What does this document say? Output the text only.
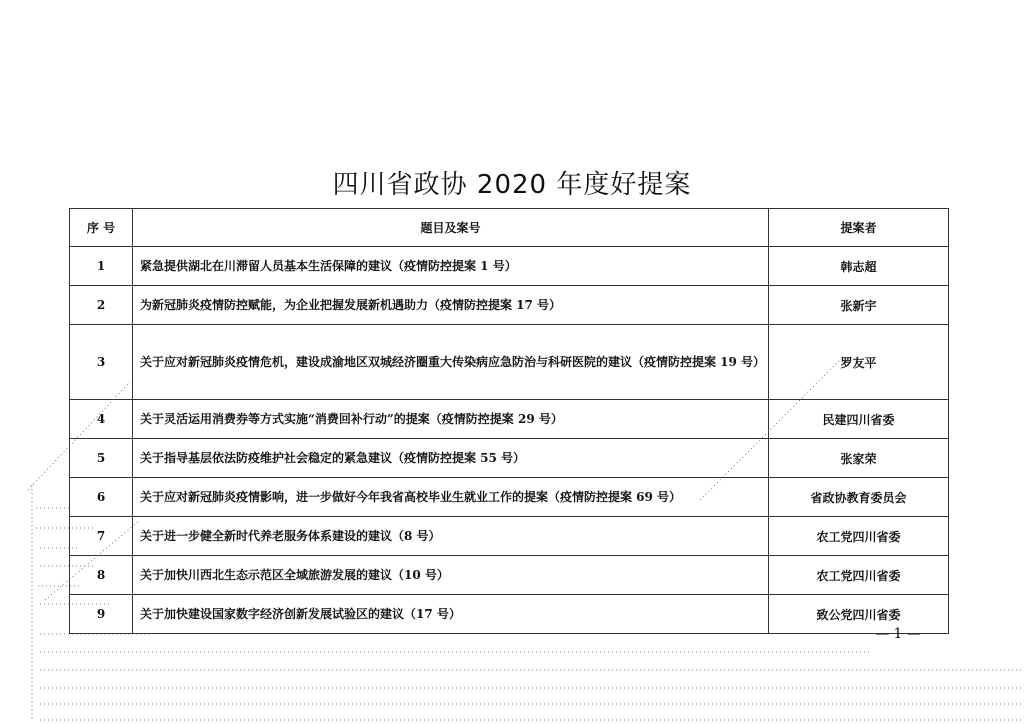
四川省政协 2020 年度好提案
序 号	题目及案号	提案者
1	紧急提供湖北在川滞留人员基本生活保障的建议（疫情防控提案 1 号）	韩志超
2	为新冠肺炎疫情防控赋能，为企业把握发展新机遇助力（疫情防控提案 17 号）	张新宇
3	关于应对新冠肺炎疫情危机，建设成渝地区双城经济圈重大传染病应急防治与科研医院的建议（疫情防控提案 19 号）	罗友平
4	关于灵活运用消费券等方式实施“消费回补行动”的提案（疫情防控提案 29 号）	民建四川省委
5	关于指导基层依法防疫维护社会稳定的紧急建议（疫情防控提案 55 号）	张家荣
6	关于应对新冠肺炎疫情影响，进一步做好今年我省高校毕业生就业工作的提案（疫情防控提案 69 号）	省政协教育委员会
7	关于进一步健全新时代养老服务体系建设的建议（8 号）	农工党四川省委
8	关于加快川西北生态示范区全域旅游发展的建议（10 号）	农工党四川省委
9	关于加快建设国家数字经济创新发展试验区的建议（17 号）	致公党四川省委
— 1 —
